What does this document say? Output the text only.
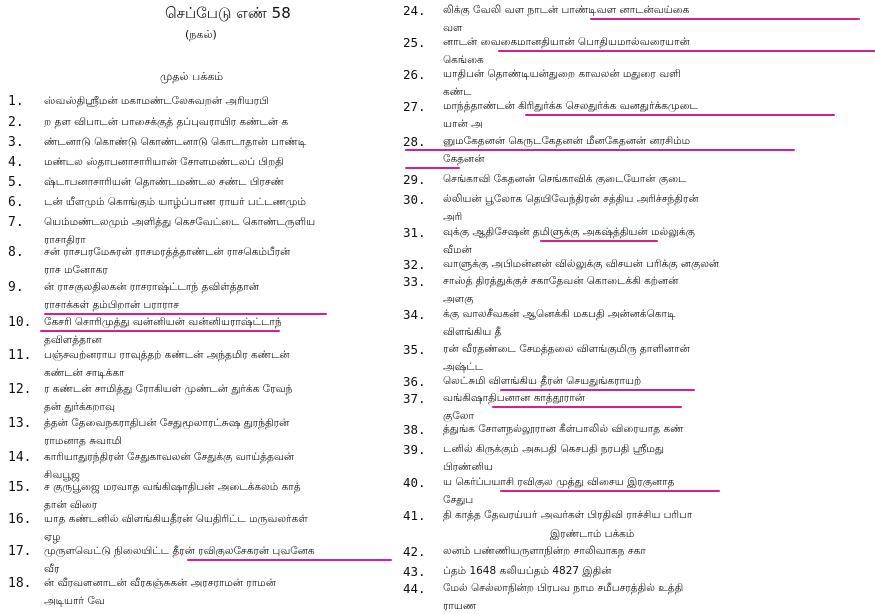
செப்பேடு எண் 58
(நகல்)
முதல் பக்கம்
1.	ஸ்வஸ்திஸ்ரீமன் மகாமண்டலேசுவறன் அரியரபி
2.	ற தள விபாடன் பாசைக்குத் தப்புவராயிர கண்டன் க
3.	ண்டனாடு கொண்டு கொண்டனாடு கொடாதான் பாண்டி
4.	மண்டல ஸ்தாபனாசாரியான் சோளமண்டலப் பிறதி
5.	ஷ்டாபனாசாரியன் தொண்டமண்டல சண்ட பிரசண்
6.	டன் யீளமும் கொங்கும் யாழ்ப்பாண ராயர் பட்டணமும்
7.	யெம்மண்டலமும் அளித்து கெசவேட்டை கொண்டருளிய
ராசாதிரா
8.	சன் ராசபரமேசுரன் ராசமரத்த்தாண்டன் ராசகெம்பீரன்
ராச மனோகர
9.	ன் ராசகுலதிலகன் ராசராஷ்ட்டாந் தவிள்த்தான்
ராசாக்கள் தம்பிறான் பராராச
10. கேசரி சொரிமுத்து வன்னியன் வன்னியராஷ்ட்டாந்
தவிளத்தான
11. பஞ்சவற்னராய ராவுத்தற் கண்டன் அந்தமிர கண்டன்
கண்டன் சாடிக்கா
12. ர கண்டன் சாமித்து ரோகியள் முண்டன் துர்க்க ரேவந்
தன் துர்க்கறாவு
13. த்தன் தேவைநகராதிபன் சேதுமூலாரட்சுஷ துரந்திரன்
ராமனாத சுவாமி
14. காரியாதுரந்திரன் சேதுகாவலன் சேதுக்கு வாய்த்தவன்
சிவபூஜ
15. ச குருபூஜை மரவாத வங்கிஷாதிபன் அடைக்கலம் காத்
தான் விரை
16. யாத கண்டனில் விளங்கியதீரன் யெதிரிட்ட மருவலர்கள்
ஏழ
17. முருளவெட்டு நிலையிட்ட தீரன் ரவிகுலசேகரன் புவனேக
வீர
18. ன் வீரவளனாடன் வீரகஞ்சுகன் அரசராமன் ராமன்
அடியார் வே
24. லிக்கு வேலி வள நாடன் பாண்டிவள னாடன்வய்கை
வள
25. னாடன் வைகைமானதியான் பொதியமால்வரையான்
கெங்கை
26. யாதிபன் தொண்டியன்துறை காவலன் மதுரை வளி
கண்ட
27. மாந்த்தாண்டன் கிரிதுர்க்க செலதுர்க்க வனதுர்க்கமுடை
யான் அ
28. னுமகேதனன் கெருடகேதனன் மீனகேதனன் னரசிம்ம
கேதனன்
29. செங்காவி கேதனன் செங்காவிக் குடையோன் குடை
30. ல்லியன் பூலோக தெயிவேந்திரன் சத்திய அரிச்சந்திரன்
அரி
31. வுக்கு ஆதிசேஷன் தமிளுக்கு அகஷ்த்தியன் மல்லுக்கு
வீமன்
32. வாளுக்கு அபிமன்னன் வில்லுக்கு விசயன் பரிக்கு னகுலன்
33. சாஸ்த் திரத்துக்குச் சகாதேவன் கொடைக்கி கற்னன்
அளகு
34. க்கு வாலசீவகன் ஆனெக்கி மகபதி அன்னக்கொடி
விளங்கிய தீ
35. ரன் வீரதண்டை சேமத்தலை விளங்குமிரு தாளினான்
அஷ்ட்ட
36. லெட்சுமி விளங்கிய தீரன் செயதுங்கராயற்
37. வங்கிஷாதிபனான காத்தூரான்
குலோ
38. த்துங்க சோளநல்லூரான கீள்பாலில் விரையாத கண்
39. டனில் கிருக்கும் அசுபதி கெசபதி நரபதி ஸ்ரீமது
பிரண்னிய
40. ய கெர்ப்பயாசி ரவிகுல முத்து விசைய இரகுனாத
சேதுப
41. தி காத்த தேவரய்யர் அவர்கள் பிரதிவி ராச்சிய பரிபா
இரண்டாம் பக்கம்
42. லனம் பண்ணியருளாநின்ற சாலிவாகந சகா
43. ப்தம் 1648 கலியப்தம் 4827 இதின்
44. மேல் செல்லாநின்ற பிரபவ நாம சமீபசரத்தில் உத்தி
ராயண
